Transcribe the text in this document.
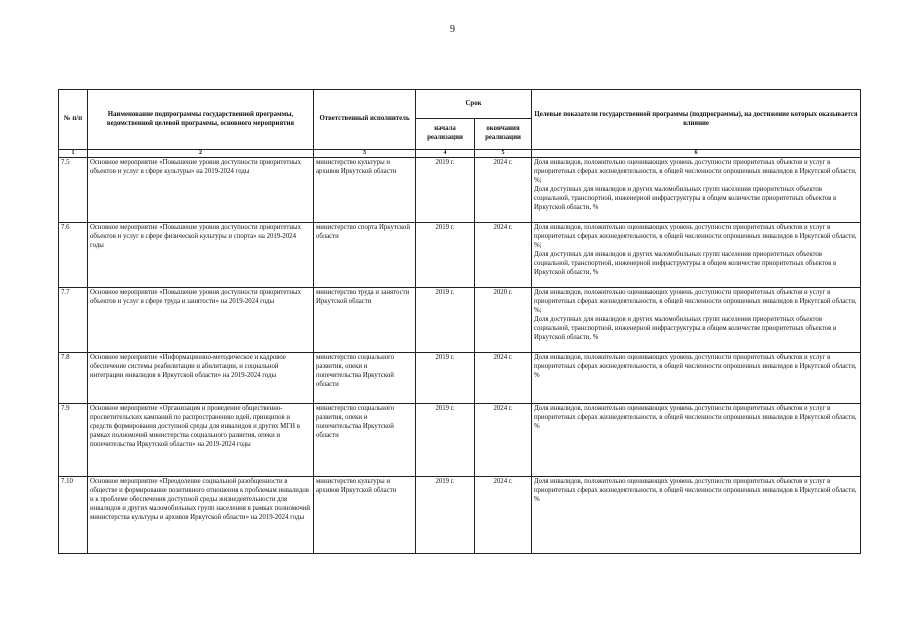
9
№ п/п	Наименование подпрограммы государственной программы, ведомственной целевой программы, основного мероприятия	Ответственный исполнитель	Срок		Целевые показатели государственной программы (подпрограммы), на достижение которых оказывается влияние
			начала реализации	окончания реализации	
1	2	3	4	5	6
7.5	Основное мероприятие «Повышение уровня доступности приоритетных объектов и услуг в сфере культуры» на 2019-2024 годы	министерство культуры и архивов Иркутской области	2019 г.	2024 г.	Доля инвалидов, положительно оценивающих уровень доступности приоритетных объектов и услуг в приоритетных сферах жизнедеятельности, в общей численности опрошенных инвалидов в Иркутской области, %;

Доля доступных для инвалидов и других маломобильных групп населения приоритетных объектов социальной, транспортной, инженерной инфраструктуры в общем количестве приоритетных объектов в Иркутской области, %

7.6	Основное мероприятие «Повышение уровня доступности приоритетных объектов и услуг в сфере физической культуры и спорта» на 2019-2024 годы	министерство спорта Иркутской области	2019 г.	2024 г.	Доля инвалидов, положительно оценивающих уровень доступности приоритетных объектов и услуг в приоритетных сферах жизнедеятельности, в общей численности опрошенных инвалидов в Иркутской области, %;

Доля доступных для инвалидов и других маломобильных групп населения приоритетных объектов социальной, транспортной, инженерной инфраструктуры в общем количестве приоритетных объектов в Иркутской области, %

7.7	Основное мероприятие «Повышение уровня доступности приоритетных объектов и услуг в сфере труда и занятости» на 2019-2024 годы	министерство труда и занятости Иркутской области	2019 г.	2020 г.	Доля инвалидов, положительно оценивающих уровень доступности приоритетных объектов и услуг в приоритетных сферах жизнедеятельности, в общей численности опрошенных инвалидов в Иркутской области, %;

Доля доступных для инвалидов и других маломобильных групп населения приоритетных объектов социальной, транспортной, инженерной инфраструктуры в общем количестве приоритетных объектов в Иркутской области, %

7.8	Основное мероприятие «Информационно-методическое и кадровое обеспечение системы реабилитации и абилитации, и социальной интеграции инвалидов в Иркутской области» на 2019-2024 годы	министерство социального развития, опеки и попечительства Иркутской области	2019 г.	2024 г.	Доля инвалидов, положительно оценивающих уровень доступности приоритетных объектов и услуг в приоритетных сферах жизнедеятельности, в общей численности опрошенных инвалидов в Иркутской области, %

7.9	Основное мероприятие «Организация и проведение общественно-просветительских кампаний по распространению идей, принципов и средств формирования доступной среды для инвалидов и других МГН в рамках полномочий министерства социального развития, опеки и попечительства Иркутской области» на 2019-2024 годы	министерство социального развития, опеки и попечительства Иркутской области	2019 г.	2024 г.	Доля инвалидов, положительно оценивающих уровень доступности приоритетных объектов и услуг в приоритетных сферах жизнедеятельности, в общей численности опрошенных инвалидов в Иркутской области, %

7.10	Основное мероприятие «Преодоление социальной разобщенности в обществе и формирование позитивного отношения к проблемам инвалидов и к проблеме обеспечения доступной среды жизнедеятельности для инвалидов и других маломобильных групп населения в рамках полномочий министерства культуры и архивов Иркутской области» на 2019-2024 годы	министерство культуры и архивов Иркутской области	2019 г.	2024 г.	Доля инвалидов, положительно оценивающих уровень доступности приоритетных объектов и услуг в приоритетных сферах жизнедеятельности, в общей численности опрошенных инвалидов в Иркутской области, %
